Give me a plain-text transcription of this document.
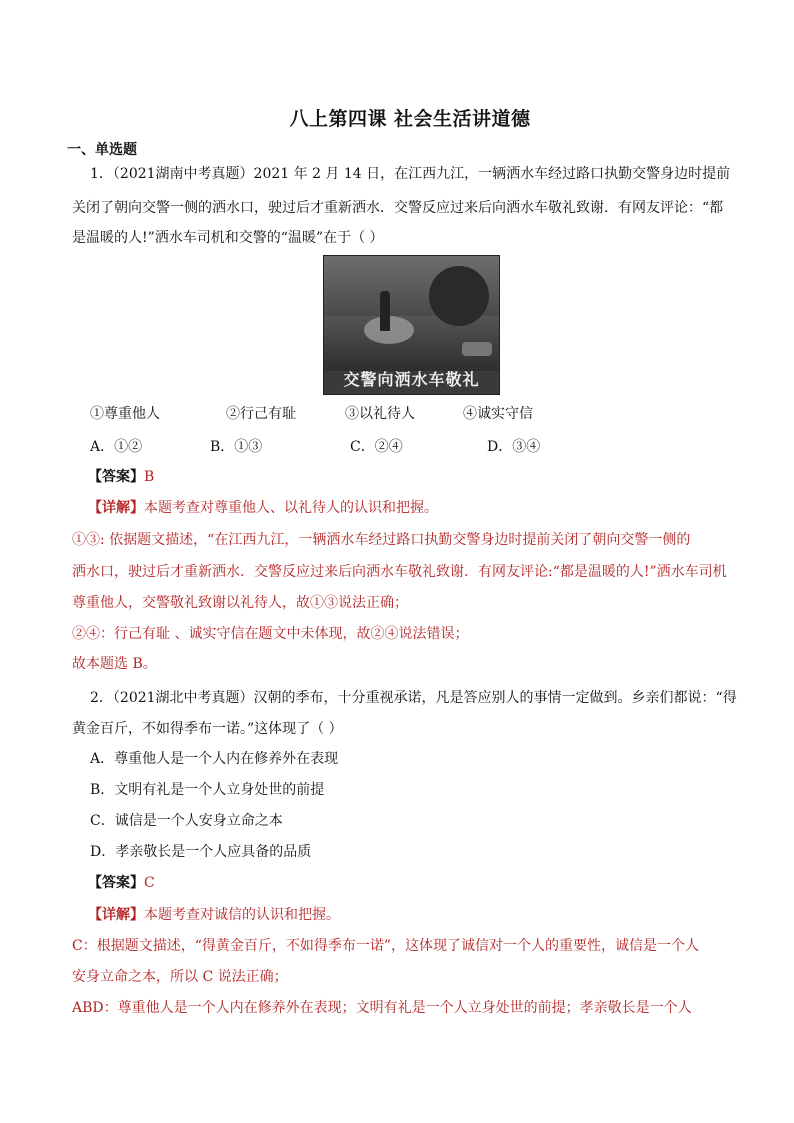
八上第四课 社会生活讲道德
一、单选题
1．（2021湖南中考真题）2021 年 2 月 14 日，在江西九江，一辆洒水车经过路口执勤交警身边时提前
关闭了朝向交警一侧的洒水口，驶过后才重新洒水．交警反应过来后向洒水车敬礼致谢．有网友评论：“都
是温暖的人!”洒水车司机和交警的“温暖”在于（ ）
交警向洒水车敬礼
①尊重他人	②行己有耻	③以礼待人	④诚实守信
A．①②	B．①③	C．②④	D．③④
【答案】B
【详解】本题考查对尊重他人、以礼待人的认识和把握。
①③: 依据题文描述，“在江西九江，一辆洒水车经过路口执勤交警身边时提前关闭了朝向交警一侧的
洒水口，驶过后才重新洒水．交警反应过来后向洒水车敬礼致谢．有网友评论:“都是温暖的人!”洒水车司机
尊重他人，交警敬礼致谢以礼待人，故①③说法正确；
②④：行己有耻 、诚实守信在题文中未体现，故②④说法错误；
故本题选 B。
2．（2021湖北中考真题）汉朝的季布，十分重视承诺，凡是答应别人的事情一定做到。乡亲们都说：“得
黄金百斤，不如得季布一诺。”这体现了（ ）
A．尊重他人是一个人内在修养外在表现
B．文明有礼是一个人立身处世的前提
C．诚信是一个人安身立命之本
D．孝亲敬长是一个人应具备的品质
【答案】C
【详解】本题考查对诚信的认识和把握。
C：根据题文描述，“得黄金百斤，不如得季布一诺”，这体现了诚信对一个人的重要性，诚信是一个人
安身立命之本，所以 C 说法正确；
ABD：尊重他人是一个人内在修养外在表现；文明有礼是一个人立身处世的前提；孝亲敬长是一个人
